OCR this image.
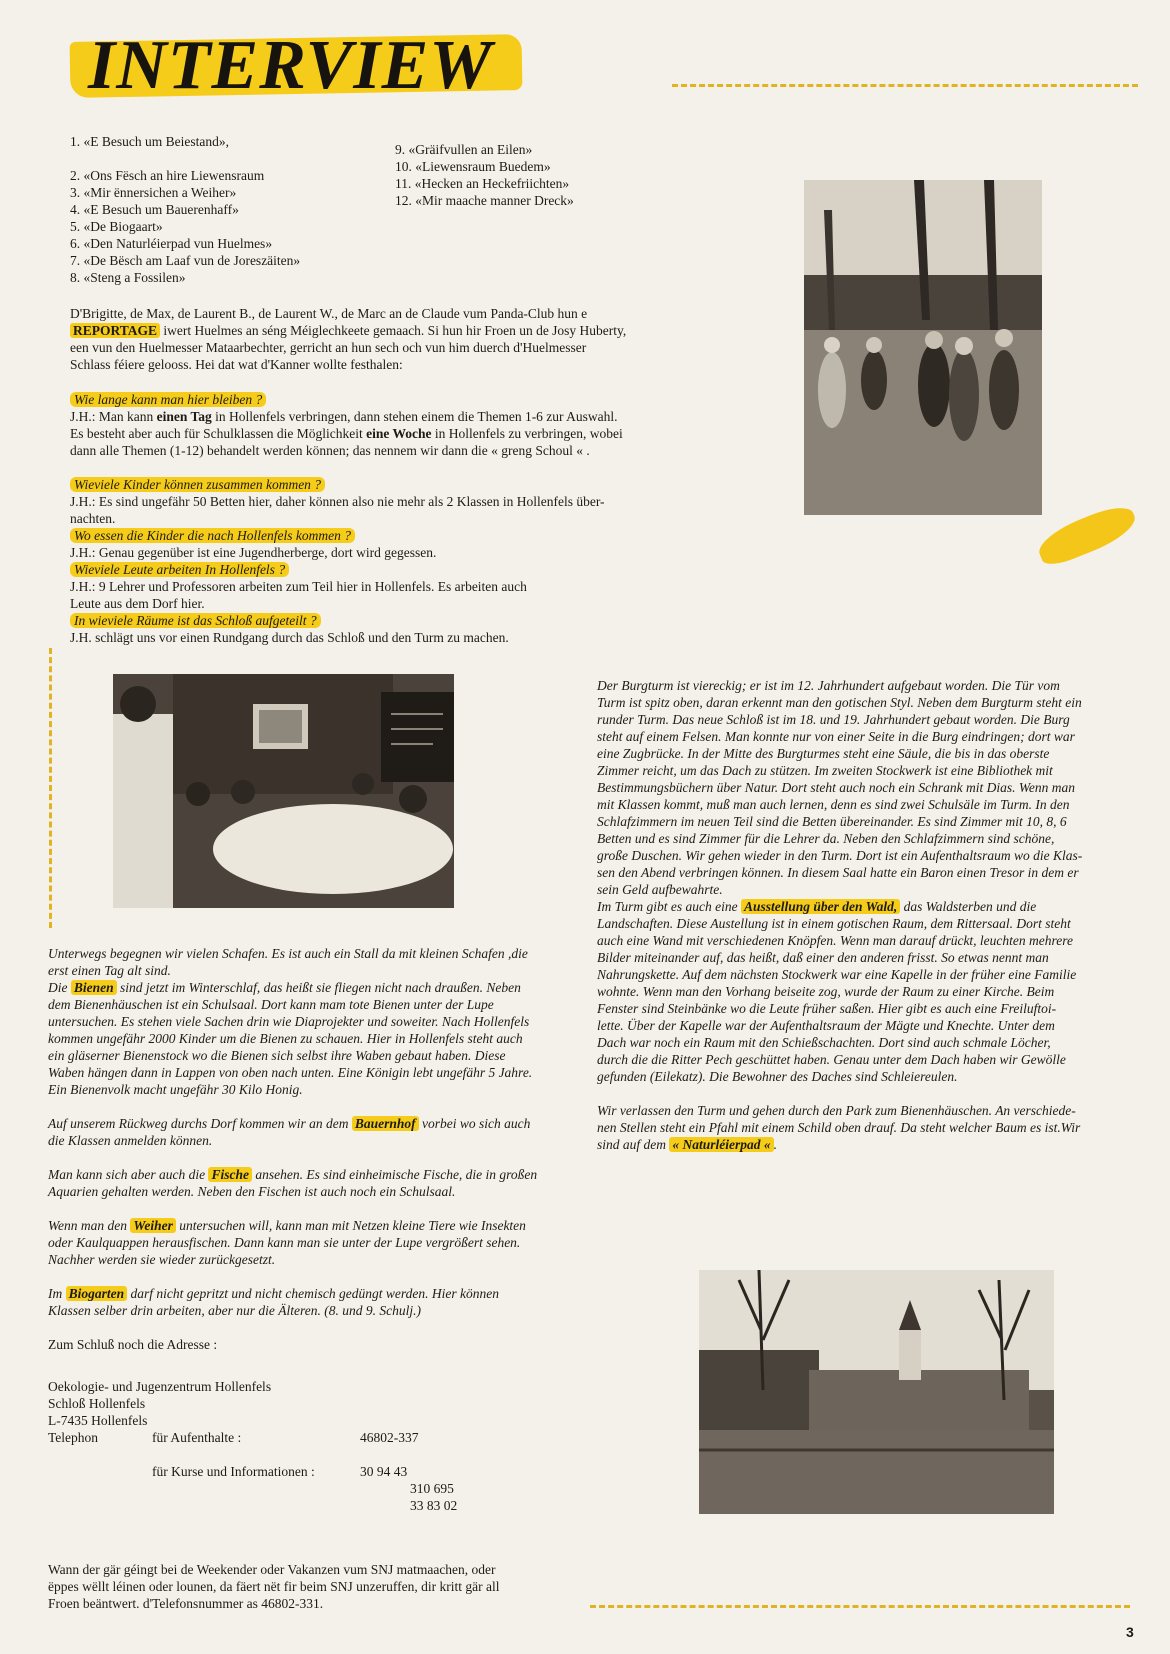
INTERVIEW
1. «E Besuch um Beiestand»,
2. «Ons Fësch an hire Liewensraum
3. «Mir ënnersichen a Weiher»
4. «E Besuch um Bauerenhaff»
5. «De Biogaart»
6. «Den Naturléierpad vun Huelmes»
7. «De Bësch am Laaf vun de Joreszäiten»
8. «Steng a Fossilen»
9. «Gräifvullen an Eilen»
10. «Liewensraum Buedem»
11. «Hecken an Heckefriichten»
12. «Mir maache manner Dreck»
D'Brigitte, de Max, de Laurent B., de Laurent W., de Marc an de Claude vum Panda-Club hun e
REPORTAGE iwert Huelmes an séng Méiglechkeete gemaach. Si hun hir Froen un de Josy Huberty,
een vun den Huelmesser Mataarbechter, gerricht an hun sech och vun him duerch d'Huelmesser
Schlass féiere gelooss. Hei dat wat d'Kanner wollte festhalen:
Wie lange kann man hier bleiben ?
J.H.: Man kann einen Tag in Hollenfels verbringen, dann stehen einem die Themen 1-6 zur Auswahl.
Es besteht aber auch für Schulklassen die Möglichkeit eine Woche in Hollenfels zu verbringen, wobei
dann alle Themen (1-12) behandelt werden können; das nennem wir dann die « greng Schoul « .
Wieviele Kinder können zusammen kommen ?
J.H.: Es sind ungefähr 50 Betten hier, daher können also nie mehr als 2 Klassen in Hollenfels über-
nachten.
Wo essen die Kinder die nach Hollenfels kommen ?
J.H.: Genau gegenüber ist eine Jugendherberge, dort wird gegessen.
Wieviele Leute arbeiten In Hollenfels ?
J.H.: 9 Lehrer und Professoren arbeiten zum Teil hier in Hollenfels. Es arbeiten auch
Leute aus dem Dorf hier.
In wieviele Räume ist das Schloß aufgeteilt ?
J.H. schlägt uns vor einen Rundgang durch das Schloß und den Turm zu machen.
Unterwegs begegnen wir vielen Schafen. Es ist auch ein Stall da mit kleinen Schafen ,die
erst einen Tag alt sind.
Die Bienen sind jetzt im Winterschlaf, das heißt sie fliegen nicht nach draußen. Neben
dem Bienenhäuschen ist ein Schulsaal. Dort kann mam tote Bienen unter der Lupe
untersuchen. Es stehen viele Sachen drin wie Diaprojekter und soweiter. Nach Hollenfels
kommen ungefähr 2000 Kinder um die Bienen zu schauen. Hier in Hollenfels steht auch
ein gläserner Bienenstock wo die Bienen sich selbst ihre Waben gebaut haben. Diese
Waben hängen dann in Lappen von oben nach unten. Eine Königin lebt ungefähr 5 Jahre.
Ein Bienenvolk macht ungefähr 30 Kilo Honig.
Auf unserem Rückweg durchs Dorf kommen wir an dem Bauernhof vorbei wo sich auch
die Klassen anmelden können.
Man kann sich aber auch die Fische ansehen. Es sind einheimische Fische, die in großen
Aquarien gehalten werden. Neben den Fischen ist auch noch ein Schulsaal.
Wenn man den Weiher untersuchen will, kann man mit Netzen kleine Tiere wie Insekten
oder Kaulquappen herausfischen. Dann kann man sie unter der Lupe vergrößert sehen.
Nachher werden sie wieder zurückgesetzt.
Im Biogarten darf nicht gepritzt und nicht chemisch gedüngt werden. Hier können
Klassen selber drin arbeiten, aber nur die Älteren. (8. und 9. Schulj.)
Zum Schluß noch die Adresse :
Oekologie- und Jugenzentrum Hollenfels
Schloß Hollenfels
L-7435 Hollenfels
Telephon	für Aufenthalte :	46802-337
für Kurse und Informationen :	30 94 43
310 695
33 83 02
Wann der gär géingt bei de Weekender oder Vakanzen vum SNJ matmaachen, oder
ëppes wëllt léinen oder lounen, da fäert nët fir beim SNJ unzeruffen, dir kritt gär all
Froen beäntwert. d'Telefonsnummer as 46802-331.
Der Burgturm ist viereckig; er ist im 12. Jahrhundert aufgebaut worden. Die Tür vom
Turm ist spitz oben, daran erkennt man den gotischen Styl. Neben dem Burgturm steht ein
runder Turm. Das neue Schloß ist im 18. und 19. Jahrhundert gebaut worden. Die Burg
steht auf einem Felsen. Man konnte nur von einer Seite in die Burg eindringen; dort war
eine Zugbrücke. In der Mitte des Burgturmes steht eine Säule, die bis in das oberste
Zimmer reicht, um das Dach zu stützen. Im zweiten Stockwerk ist eine Bibliothek mit
Bestimmungsbüchern über Natur. Dort steht auch noch ein Schrank mit Dias. Wenn man
mit Klassen kommt, muß man auch lernen, denn es sind zwei Schulsäle im Turm. In den
Schlafzimmern im neuen Teil sind die Betten übereinander. Es sind Zimmer mit 10, 8, 6
Betten und es sind Zimmer für die Lehrer da. Neben den Schlafzimmern sind schöne,
große Duschen. Wir gehen wieder in den Turm. Dort ist ein Aufenthaltsraum wo die Klas-
sen den Abend verbringen können. In diesem Saal hatte ein Baron einen Tresor in dem er
sein Geld aufbewahrte.
Im Turm gibt es auch eine Ausstellung über den Wald, das Waldsterben und die
Landschaften. Diese Austellung ist in einem gotischen Raum, dem Rittersaal. Dort steht
auch eine Wand mit verschiedenen Knöpfen. Wenn man darauf drückt, leuchten mehrere
Bilder miteinander auf, das heißt, daß einer den anderen frisst. So etwas nennt man
Nahrungskette. Auf dem nächsten Stockwerk war eine Kapelle in der früher eine Familie
wohnte. Wenn man den Vorhang beiseite zog, wurde der Raum zu einer Kirche. Beim
Fenster sind Steinbänke wo die Leute früher saßen. Hier gibt es auch eine Freiluftoi-
lette. Über der Kapelle war der Aufenthaltsraum der Mägte und Knechte. Unter dem
Dach war noch ein Raum mit den Schießschachten. Dort sind auch schmale Löcher,
durch die die Ritter Pech geschüttet haben. Genau unter dem Dach haben wir Gewölle
gefunden (Eilekatz). Die Bewohner des Daches sind Schleiereulen.
Wir verlassen den Turm und gehen durch den Park zum Bienenhäuschen. An verschiede-
nen Stellen steht ein Pfahl mit einem Schild oben drauf. Da steht welcher Baum es ist.Wir
sind auf dem « Naturléierpad « .
3
